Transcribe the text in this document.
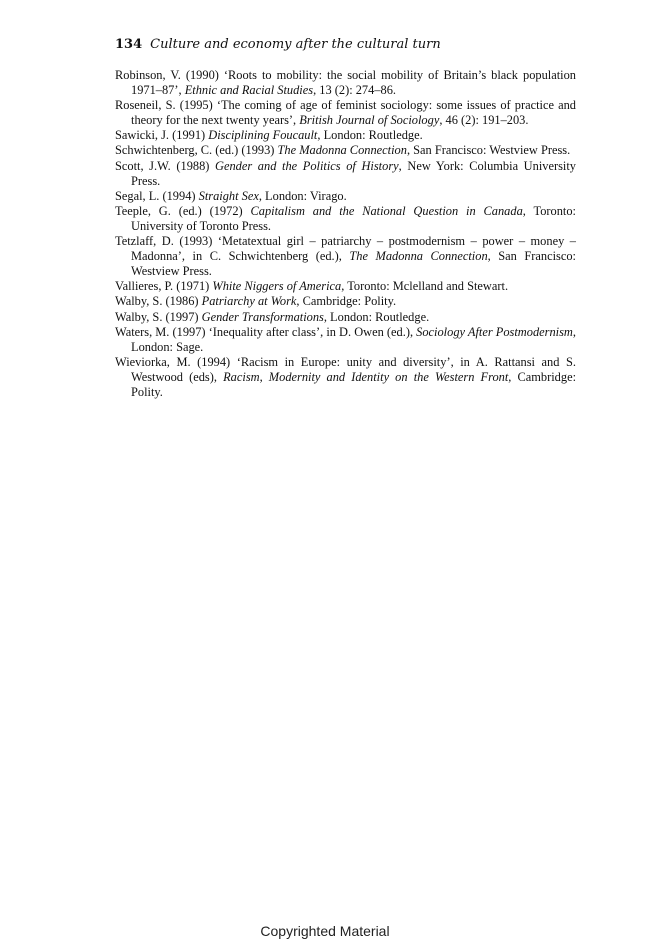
134 Culture and economy after the cultural turn

Robinson, V. (1990) ‘Roots to mobility: the social mobility of Britain’s black population 1971–87’, Ethnic and Racial Studies, 13 (2): 274–86.

Roseneil, S. (1995) ‘The coming of age of feminist sociology: some issues of practice and theory for the next twenty years’, British Journal of Sociology, 46 (2): 191–203.

Sawicki, J. (1991) Disciplining Foucault, London: Routledge.

Schwichtenberg, C. (ed.) (1993) The Madonna Connection, San Francisco: Westview Press.

Scott, J.W. (1988) Gender and the Politics of History, New York: Columbia University Press.

Segal, L. (1994) Straight Sex, London: Virago.

Teeple, G. (ed.) (1972) Capitalism and the National Question in Canada, Toronto: University of Toronto Press.

Tetzlaff, D. (1993) ‘Metatextual girl – patriarchy – postmodernism – power – money – Madonna’, in C. Schwichtenberg (ed.), The Madonna Connection, San Francisco: Westview Press.

Vallieres, P. (1971) White Niggers of America, Toronto: Mclelland and Stewart.

Walby, S. (1986) Patriarchy at Work, Cambridge: Polity.

Walby, S. (1997) Gender Transformations, London: Routledge.

Waters, M. (1997) ‘Inequality after class’, in D. Owen (ed.), Sociology After Postmodernism, London: Sage.

Wieviorka, M. (1994) ‘Racism in Europe: unity and diversity’, in A. Rattansi and S. Westwood (eds), Racism, Modernity and Identity on the Western Front, Cambridge: Polity.

Copyrighted Material
